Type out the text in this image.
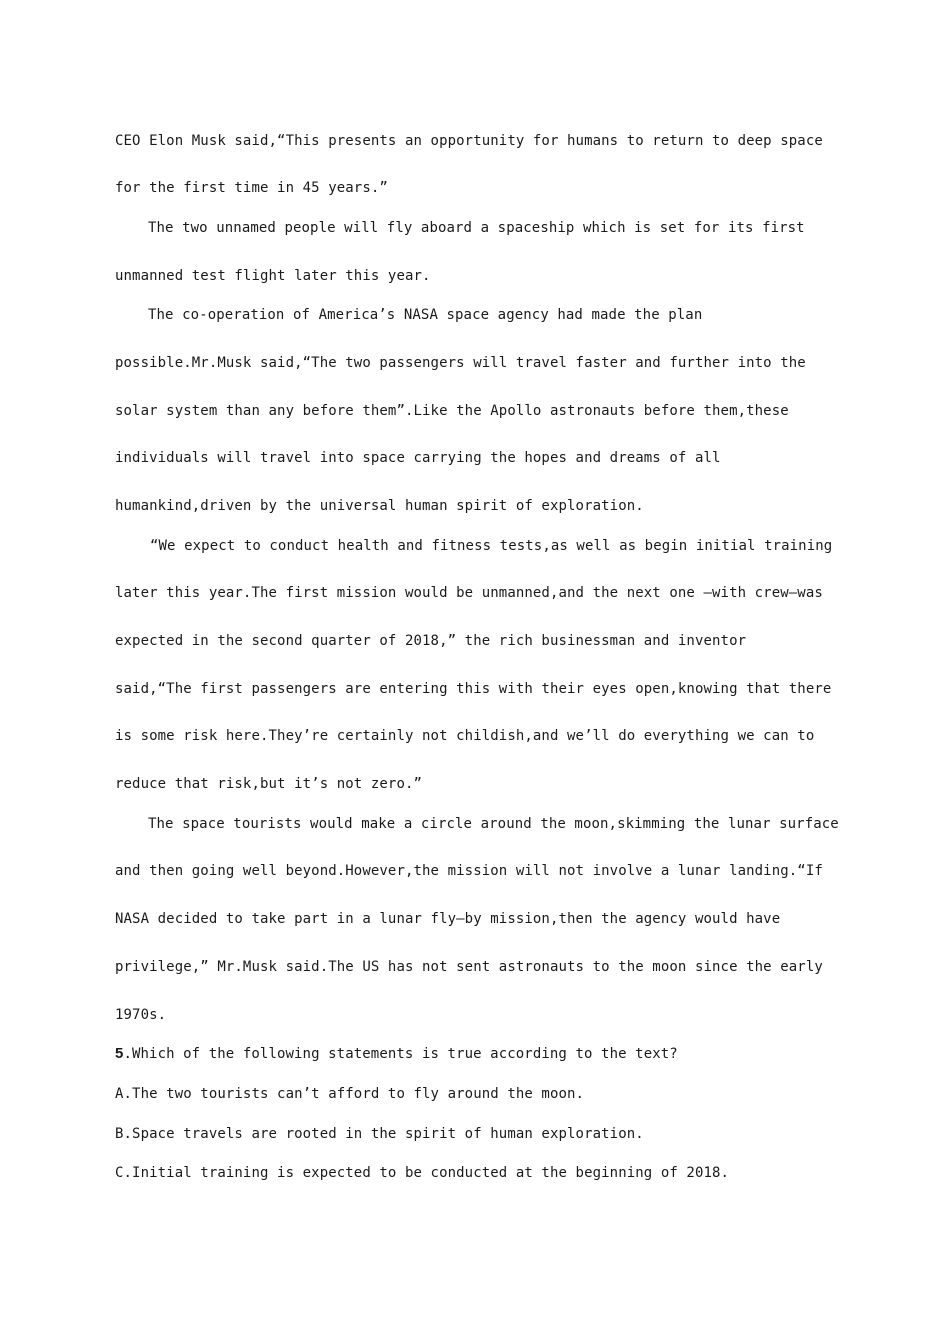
CEO Elon Musk said,“This presents an opportunity for humans to return to deep space
for the first time in 45 years.”
The two unnamed people will fly aboard a spaceship which is set for its first
unmanned test flight later this year.
The co-operation of America’s NASA space agency had made the plan
possible.Mr.Musk said,“The two passengers will travel faster and further into the
solar system than any before them”.Like the Apollo astronauts before them,these
individuals will travel into space carrying the hopes and dreams of all
humankind,driven by the universal human spirit of exploration.
“We expect to conduct health and fitness tests,as well as begin initial training
later this year.The first mission would be unmanned,and the next one —with crew—was
expected in the second quarter of 2018,” the rich businessman and inventor
said,“The first passengers are entering this with their eyes open,knowing that there
is some risk here.They’re certainly not childish,and we’ll do everything we can to
reduce that risk,but it’s not zero.”
The space tourists would make a circle around the moon,skimming the lunar surface
and then going well beyond.However,the mission will not involve a lunar landing.“If
NASA decided to take part in a lunar fly—by mission,then the agency would have
privilege,” Mr.Musk said.The US has not sent astronauts to the moon since the early
1970s.
5.Which of the following statements is true according to the text?
A.The two tourists can’t afford to fly around the moon.
B.Space travels are rooted in the spirit of human exploration.
C.Initial training is expected to be conducted at the beginning of 2018.
